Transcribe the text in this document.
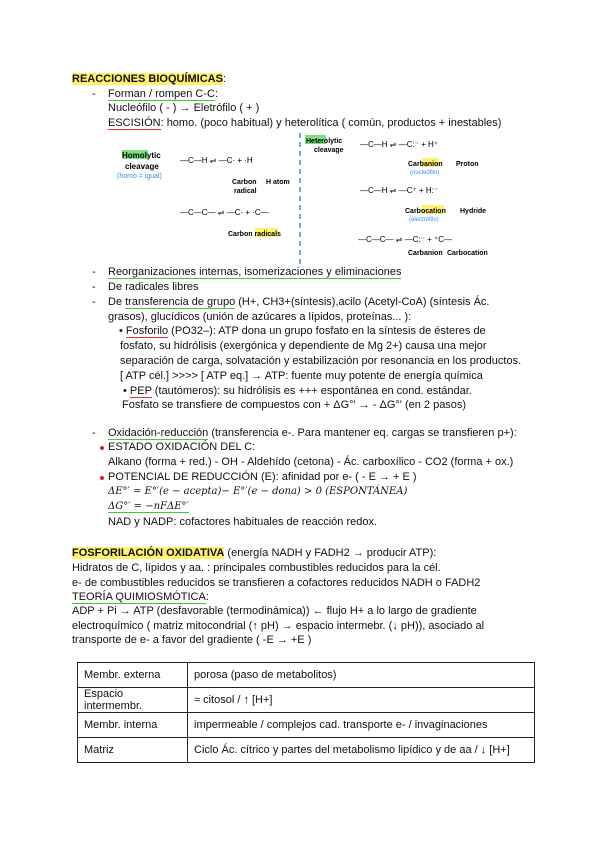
REACCIONES BIOQUÍMICAS:
- Forman / rompen C-C:
Nucleófilo ( - ) → Eletrófilo ( + )
ESCISIÓN: homo. (poco habitual) y heterolítica ( común, productos + inestables)
Homolytic
cleavage
(homo = igual)
—C—H ⇌ —C· + ·H
Carbon
radical
H atom
—C—C— ⇌ —C· + ·C—
Carbon radicals
Heterolytic
cleavage
—C—H ⇌ —C:⁻ + H⁺
Carbanion Proton
(nucleófilo)
—C—H ⇌ —C⁺ + H:⁻
Carbocation Hydride
(electrófilo)
—C—C— ⇌ —C:⁻ + ⁺C—
Carbanion Carbocation
- Reorganizaciones internas, isomerizaciones y eliminaciones
- De radicales libres
- De transferencia de grupo (H+, CH3+(síntesis),acilo (Acetyl-CoA) (síntesis Ác.
grasos), glucídicos (unión de azúcares a lípidos, proteínas... ):
• Fosforilo (PO32–): ATP dona un grupo fosfato en la síntesis de ésteres de
fosfato, su hidrólisis (exergónica y dependiente de Mg 2+) causa una mejor
separación de carga, solvatación y estabilización por resonancia en los productos.
[ ATP cél.] >>>> [ ATP eq.] → ATP: fuente muy potente de energía química
• PEP (tautómeros): su hidrólisis es +++ espontánea en cond. estándar.
Fosfato se transfiere de compuestos con + ΔG°' → - ΔG°' (en 2 pasos)
- Oxidación-reducción (transferencia e-. Para mantener eq. cargas se transfieren p+):
ESTADO OXIDACIÓN DEL C:
Alkano (forma + red.) - OH - Aldehído (cetona) - Ác. carboxílico - CO2 (forma + ox.)
POTENCIAL DE REDUCCIÓN (E): afinidad por e- ( - E → + E )
ΔE°′ = E°′(e − acepta)− E°′(e − dona) > 0 (ESPONTÁNEA)
ΔG°′ = −nFΔE°′
NAD y NADP: cofactores habituales de reacción redox.
FOSFORILACIÓN OXIDATIVA (energía NADH y FADH2 → producir ATP):
Hidratos de C, lípidos y aa. : principales combustibles reducidos para la cél.
e- de combustibles reducidos se transfieren a cofactores reducidos NADH o FADH2
TEORÍA QUIMIOSMÓTICA:
ADP + Pi → ATP (desfavorable (termodinámica)) ← flujo H+ a lo largo de gradiente
electroquímico ( matriz mitocondrial (↑ pH) → espacio intermebr. (↓ pH)), asociado al
transporte de e- a favor del gradiente ( -E → +E )
Membr. externa	porosa (paso de metabolitos)
Espacio intermembr.	≈ citosol / ↑ [H+]
Membr. interna	impermeable / complejos cad. transporte e- / invaginaciones
Matriz	Ciclo Ác. cítrico y partes del metabolismo lipídico y de aa / ↓ [H+]
